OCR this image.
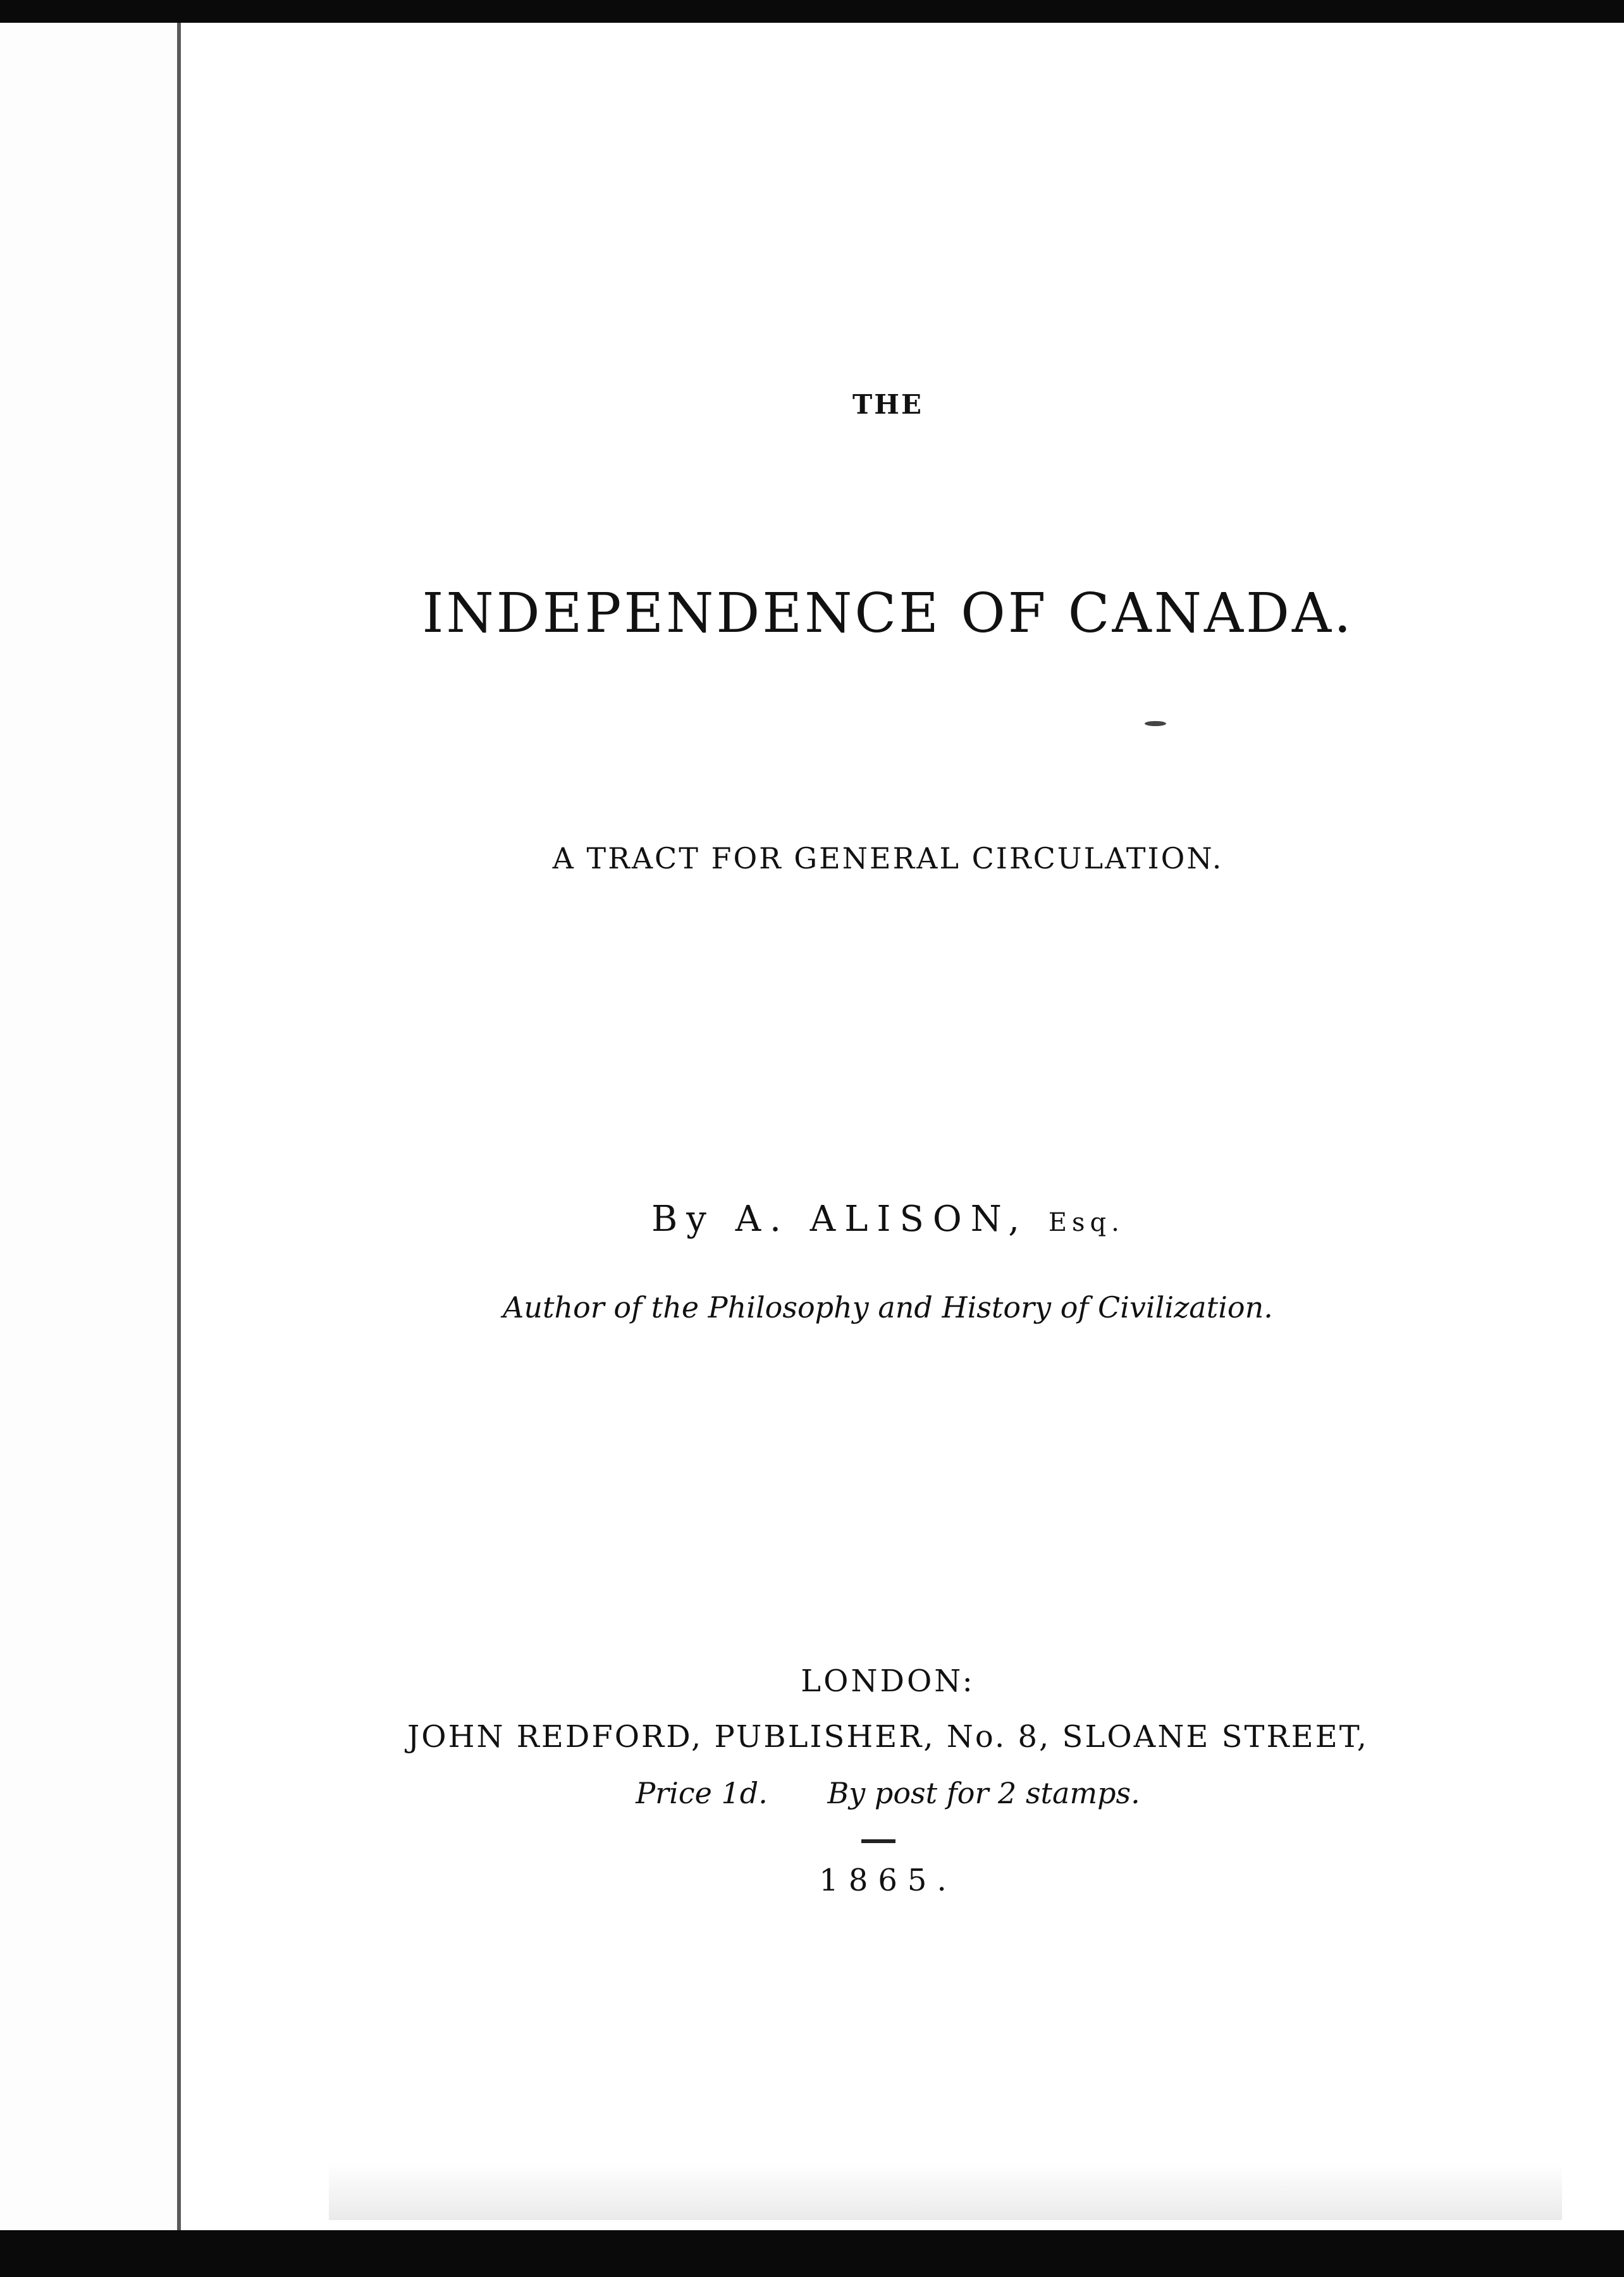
THE
INDEPENDENCE OF CANADA.
A TRACT FOR GENERAL CIRCULATION.
By A. ALISON, Esq.
Author of the Philosophy and History of Civilization.
LONDON:
JOHN REDFORD, PUBLISHER, No. 8, SLOANE STREET,
Price 1d. By post for 2 stamps.
1865.
